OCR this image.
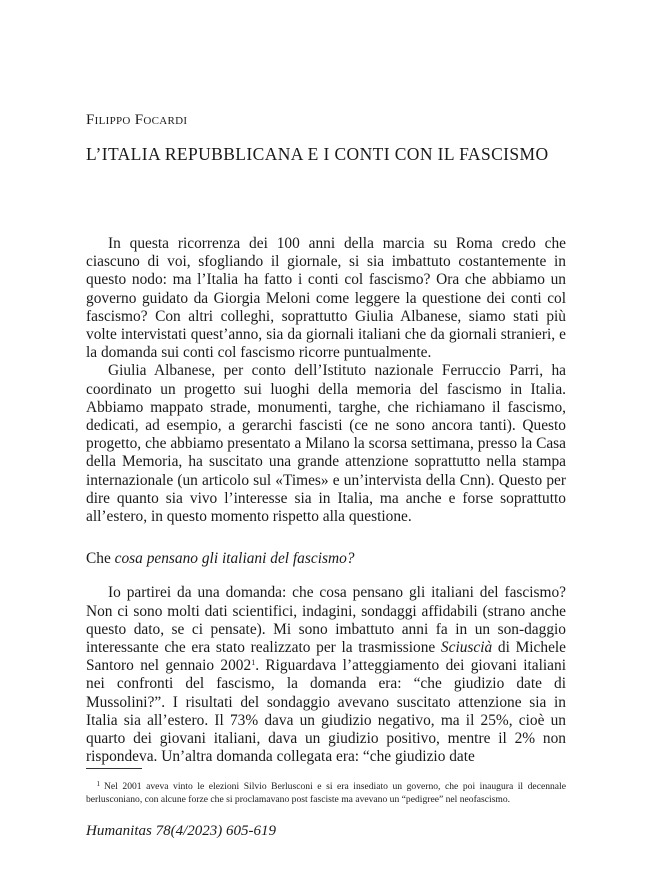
Filippo Focardi
L’ITALIA REPUBBLICANA E I CONTI CON IL FASCISMO

In questa ricorrenza dei 100 anni della marcia su Roma credo che ciascuno di voi, sfogliando il giornale, si sia imbattuto costantemente in questo nodo: ma l’Italia ha fatto i conti col fascismo? Ora che abbiamo un governo guidato da Giorgia Meloni come leggere la questione dei conti col fascismo? Con altri colleghi, soprattutto Giulia Albanese, siamo stati più volte intervistati quest’anno, sia da giornali italiani che da giornali stranieri, e la domanda sui conti col fascismo ricorre puntualmente.

Giulia Albanese, per conto dell’Istituto nazionale Ferruccio Parri, ha coordinato un progetto sui luoghi della memoria del fascismo in Italia. Abbiamo mappato strade, monumenti, targhe, che richiamano il fascismo, dedicati, ad esempio, a gerarchi fascisti (ce ne sono ancora tanti). Questo progetto, che abbiamo presentato a Milano la scorsa settimana, presso la Casa della Memoria, ha suscitato una grande attenzione soprattutto nella stampa internazionale (un articolo sul «Times» e un’intervista della Cnn). Questo per dire quanto sia vivo l’interesse sia in Italia, ma anche e forse soprattutto all’estero, in questo momento rispetto alla questione.

Che cosa pensano gli italiani del fascismo?

Io partirei da una domanda: che cosa pensano gli italiani del fascismo? Non ci sono molti dati scientifici, indagini, sondaggi affidabili (strano anche questo dato, se ci pensate). Mi sono imbattuto anni fa in un son-daggio interessante che era stato realizzato per la trasmissione Sciuscià di Michele Santoro nel gennaio 2002$^1$. Riguardava l’atteggiamento dei giovani italiani nei confronti del fascismo, la domanda era: “che giudizio date di Mussolini?”. I risultati del sondaggio avevano suscitato attenzione sia in Italia sia all’estero. Il 73% dava un giudizio negativo, ma il 25%, cioè un quarto dei giovani italiani, dava un giudizio positivo, mentre il 2% non rispondeva. Un’altra domanda collegata era: “che giudizio date

1 Nel 2001 aveva vinto le elezioni Silvio Berlusconi e si era insediato un governo, che poi inaugura il decennale berlusconiano, con alcune forze che si proclamavano post fasciste ma avevano un “pedigree” nel neofascismo.
Humanitas 78(4/2023) 605-619
